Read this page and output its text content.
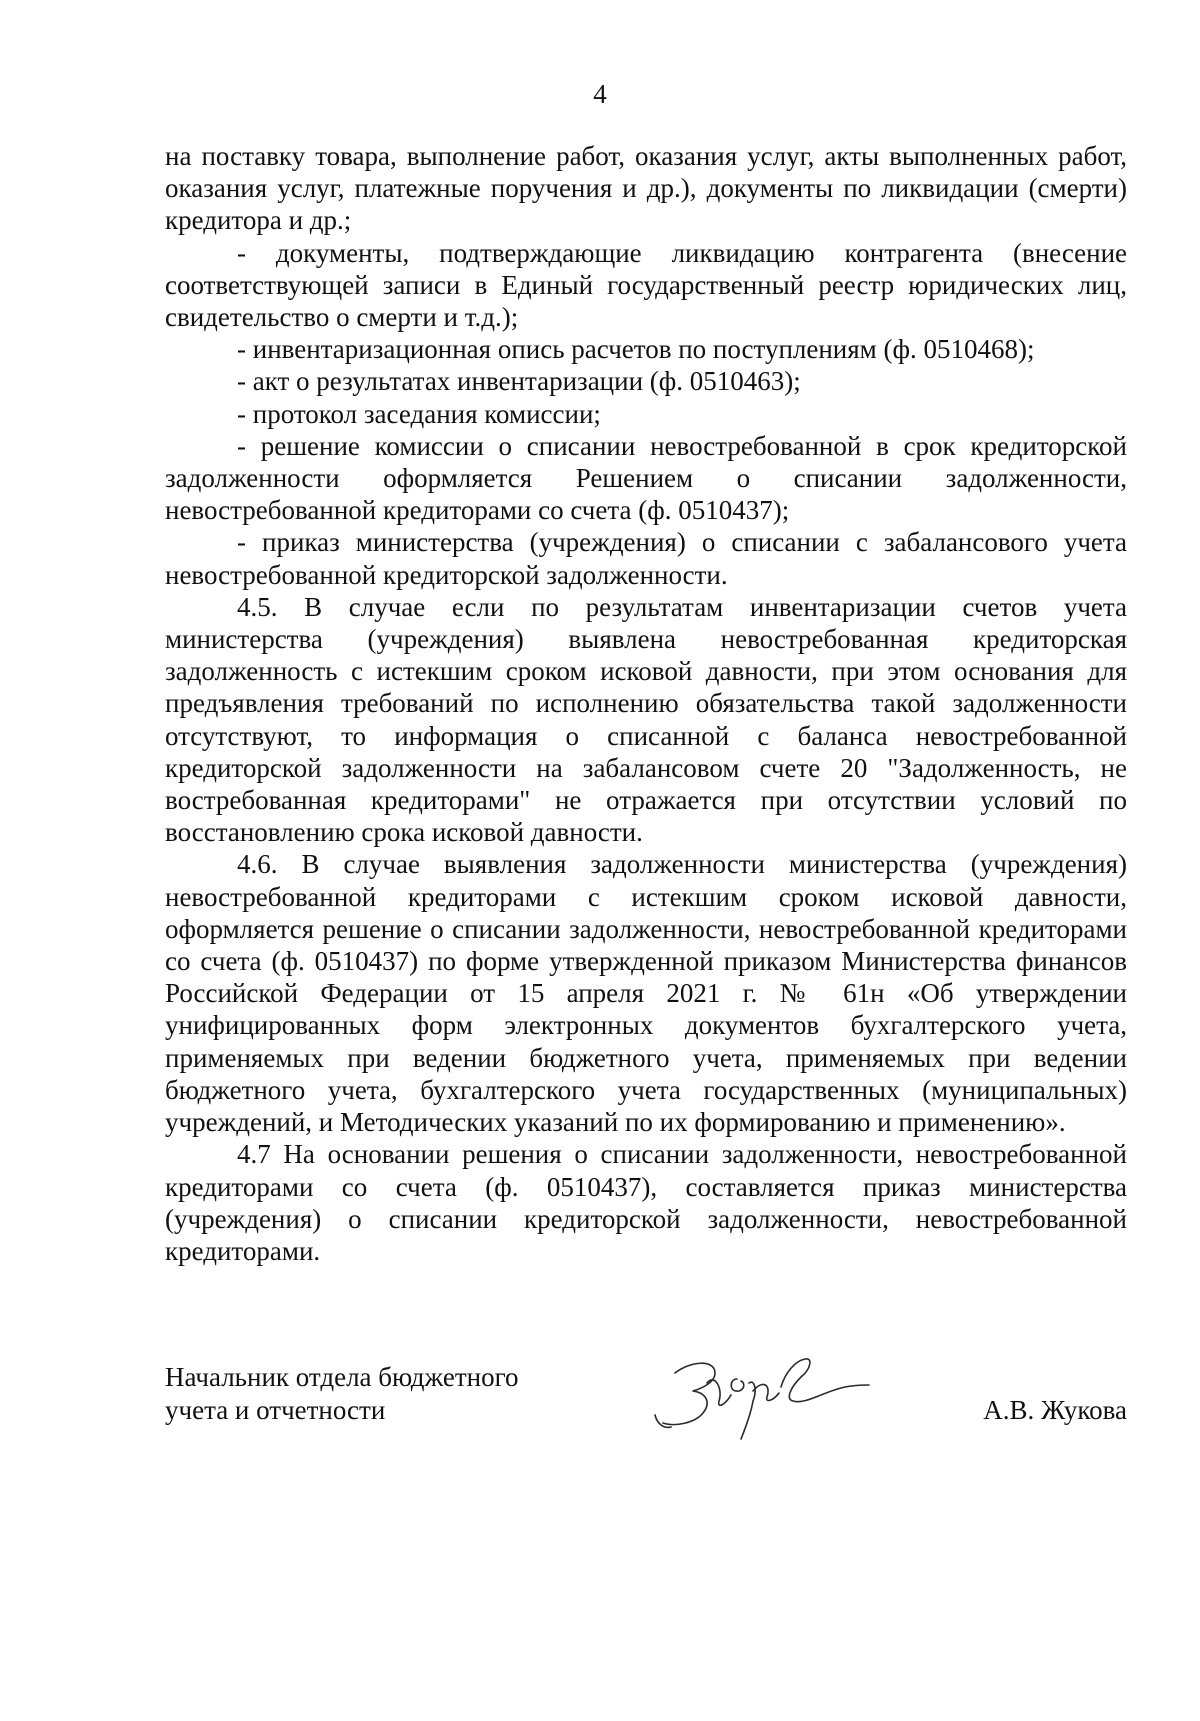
4

на поставку товара, выполнение работ, оказания услуг, акты выполненных работ, оказания услуг, платежные поручения и др.), документы по ликвидации (смерти) кредитора и др.;

- документы, подтверждающие ликвидацию контрагента (внесение соответствующей записи в Единый государственный реестр юридических лиц, свидетельство о смерти и т.д.);

- инвентаризационная опись расчетов по поступлениям (ф. 0510468);

- акт о результатах инвентаризации (ф. 0510463);

- протокол заседания комиссии;

- решение комиссии о списании невостребованной в срок кредиторской задолженности оформляется Решением о списании задолженности, невостребованной кредиторами со счета (ф. 0510437);

- приказ министерства (учреждения) о списании с забалансового учета невостребованной кредиторской задолженности.

4.5. В случае если по результатам инвентаризации счетов учета министерства (учреждения) выявлена невостребованная кредиторская задолженность с истекшим сроком исковой давности, при этом основания для предъявления требований по исполнению обязательства такой задолженности отсутствуют, то информация о списанной с баланса невостребованной кредиторской задолженности на забалансовом счете 20 "Задолженность, не востребованная кредиторами" не отражается при отсутствии условий по восстановлению срока исковой давности.

4.6. В случае выявления задолженности министерства (учреждения) невостребованной кредиторами с истекшим сроком исковой давности, оформляется решение о списании задолженности, невостребованной кредиторами со счета (ф. 0510437) по форме утвержденной приказом Министерства финансов Российской Федерации от 15 апреля 2021 г. № 61н «Об утверждении унифицированных форм электронных документов бухгалтерского учета, применяемых при ведении бюджетного учета, применяемых при ведении бюджетного учета, бухгалтерского учета государственных (муниципальных) учреждений, и Методических указаний по их формированию и применению».

4.7 На основании решения о списании задолженности, невостребованной кредиторами со счета (ф. 0510437), составляется приказ министерства (учреждения) о списании кредиторской задолженности, невостребованной кредиторами.

Начальник отдела бюджетного
учета и отчетности	А.В. Жукова
